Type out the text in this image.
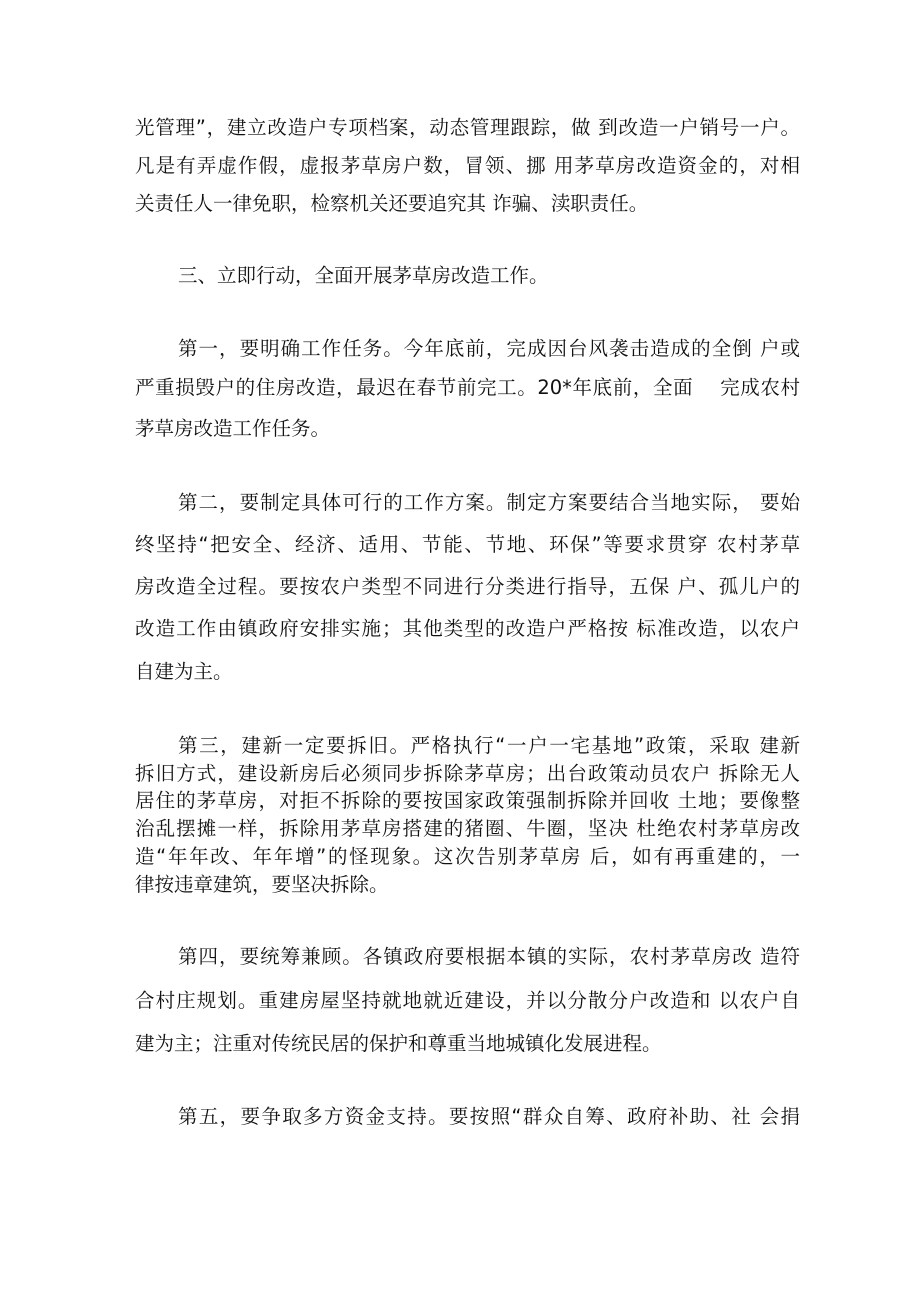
光管理”，建立改造户专项档案，动态管理跟踪，做 到改造一户销号一户。
凡是有弄虚作假，虚报茅草房户数，冒领、挪 用茅草房改造资金的，对相
关责任人一律免职，检察机关还要追究其 诈骗、渎职责任。
三、立即行动，全面开展茅草房改造工作。
第一，要明确工作任务。今年底前，完成因台风袭击造成的全倒 户或
严重损毁户的住房改造，最迟在春节前完工。20*年底前，全面　 完成农村
茅草房改造工作任务。
第二，要制定具体可行的工作方案。制定方案要结合当地实际， 要始
终坚持“把安全、经济、适用、节能、节地、环保”等要求贯穿 农村茅草
房改造全过程。要按农户类型不同进行分类进行指导，五保 户、孤儿户的
改造工作由镇政府安排实施；其他类型的改造户严格按 标准改造，以农户
自建为主。
第三，建新一定要拆旧。严格执行“一户一宅基地”政策，采取 建新
拆旧方式，建设新房后必须同步拆除茅草房；出台政策动员农户 拆除无人
居住的茅草房，对拒不拆除的要按国家政策强制拆除并回收 土地；要像整
治乱摆摊一样，拆除用茅草房搭建的猪圈、牛圈，坚决 杜绝农村茅草房改
造“年年改、年年增”的怪现象。这次告别茅草房 后，如有再重建的，一
律按违章建筑，要坚决拆除。
第四，要统筹兼顾。各镇政府要根据本镇的实际，农村茅草房改 造符
合村庄规划。重建房屋坚持就地就近建设，并以分散分户改造和 以农户自
建为主；注重对传统民居的保护和尊重当地城镇化发展进程。
第五，要争取多方资金支持。要按照“群众自筹、政府补助、社 会捐
